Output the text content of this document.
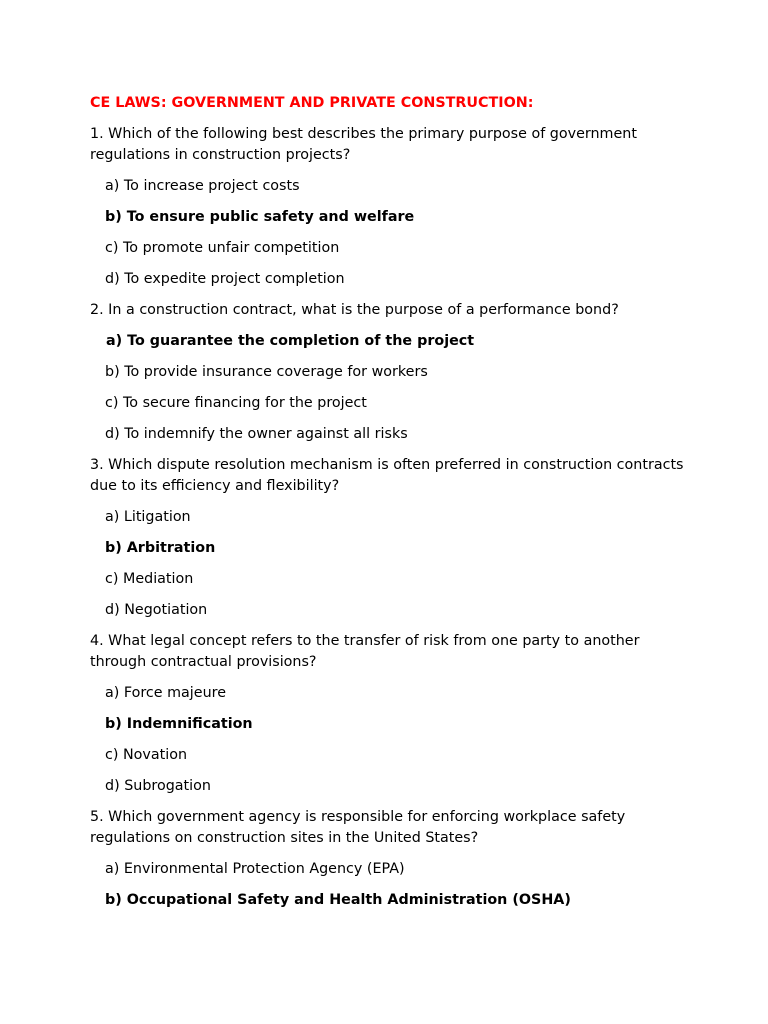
CE LAWS: GOVERNMENT AND PRIVATE CONSTRUCTION:
1. Which of the following best describes the primary purpose of government regulations in construction projects?
a) To increase project costs
b) To ensure public safety and welfare
c) To promote unfair competition
d) To expedite project completion
2. In a construction contract, what is the purpose of a performance bond?
a) To guarantee the completion of the project
b) To provide insurance coverage for workers
c) To secure financing for the project
d) To indemnify the owner against all risks
3. Which dispute resolution mechanism is often preferred in construction contracts due to its efficiency and flexibility?
a) Litigation
b) Arbitration
c) Mediation
d) Negotiation
4. What legal concept refers to the transfer of risk from one party to another through contractual provisions?
a) Force majeure
b) Indemnification
c) Novation
d) Subrogation
5. Which government agency is responsible for enforcing workplace safety regulations on construction sites in the United States?
a) Environmental Protection Agency (EPA)
b) Occupational Safety and Health Administration (OSHA)
